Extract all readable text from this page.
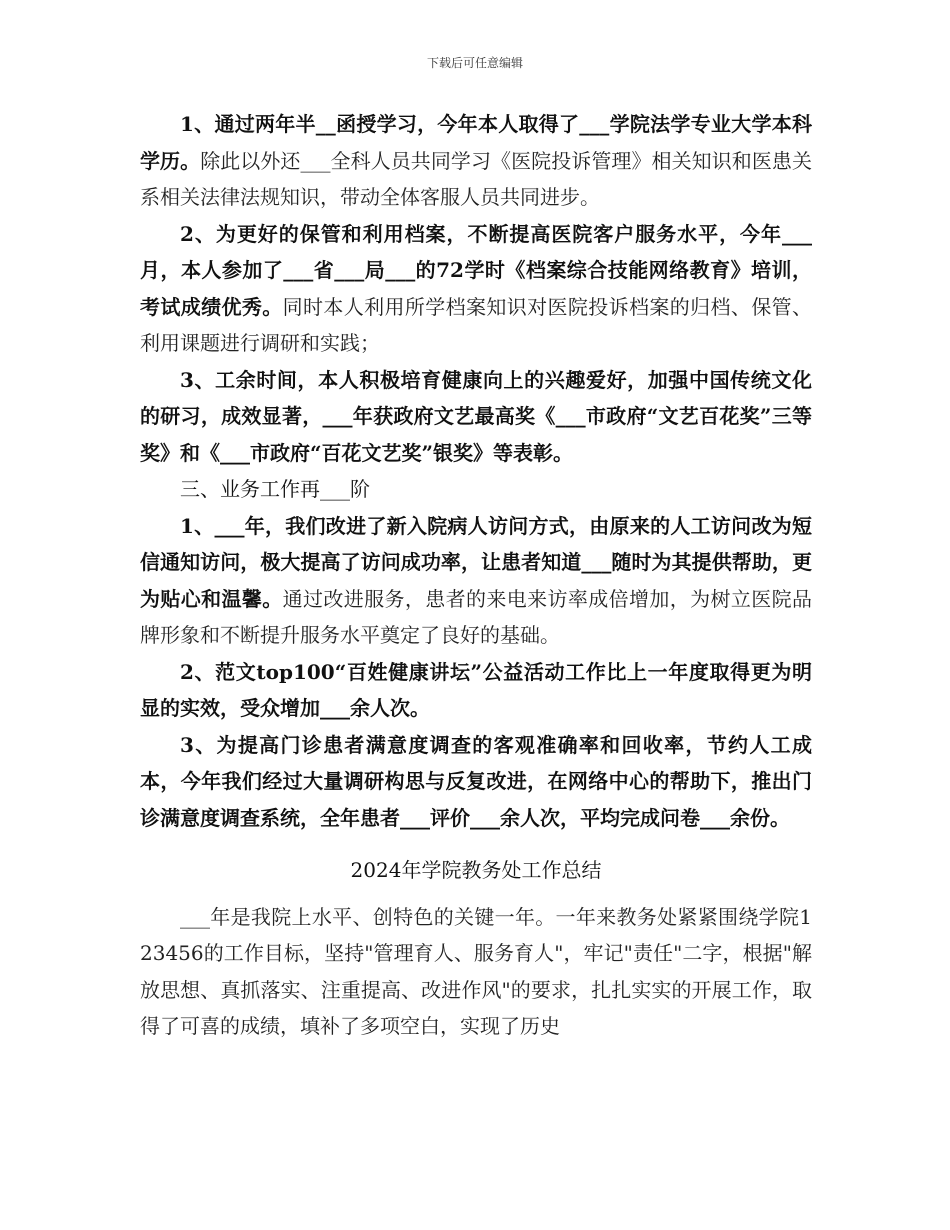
下载后可任意编辑

1、通过两年半__函授学习，今年本人取得了___学院法学专业大学本科学历。除此以外还___全科人员共同学习《医院投诉管理》相关知识和医患关系相关法律法规知识，带动全体客服人员共同进步。

2、为更好的保管和利用档案，不断提高医院客户服务水平，今年___月，本人参加了___省___局___的72学时《档案综合技能网络教育》培训，考试成绩优秀。同时本人利用所学档案知识对医院投诉档案的归档、保管、利用课题进行调研和实践；

3、工余时间，本人积极培育健康向上的兴趣爱好，加强中国传统文化的研习，成效显著，___年获政府文艺最高奖《___市政府“文艺百花奖”三等奖》和《___市政府“百花文艺奖”银奖》等表彰。

三、业务工作再___阶

1、___年，我们改进了新入院病人访问方式，由原来的人工访问改为短信通知访问，极大提高了访问成功率，让患者知道___随时为其提供帮助，更为贴心和温馨。通过改进服务，患者的来电来访率成倍增加，为树立医院品牌形象和不断提升服务水平奠定了良好的基础。

2、范文top100“百姓健康讲坛”公益活动工作比上一年度取得更为明显的实效，受众增加___余人次。

3、为提高门诊患者满意度调查的客观准确率和回收率，节约人工成本，今年我们经过大量调研构思与反复改进，在网络中心的帮助下，推出门诊满意度调查系统，全年患者___评价___余人次，平均完成问卷___余份。

2024年学院教务处工作总结

___年是我院上水平、创特色的关键一年。一年来教务处紧紧围绕学院123456的工作目标，坚持"管理育人、服务育人"，牢记"责任"二字，根据"解放思想、真抓落实、注重提高、改进作风"的要求，扎扎实实的开展工作，取得了可喜的成绩，填补了多项空白，实现了历史
